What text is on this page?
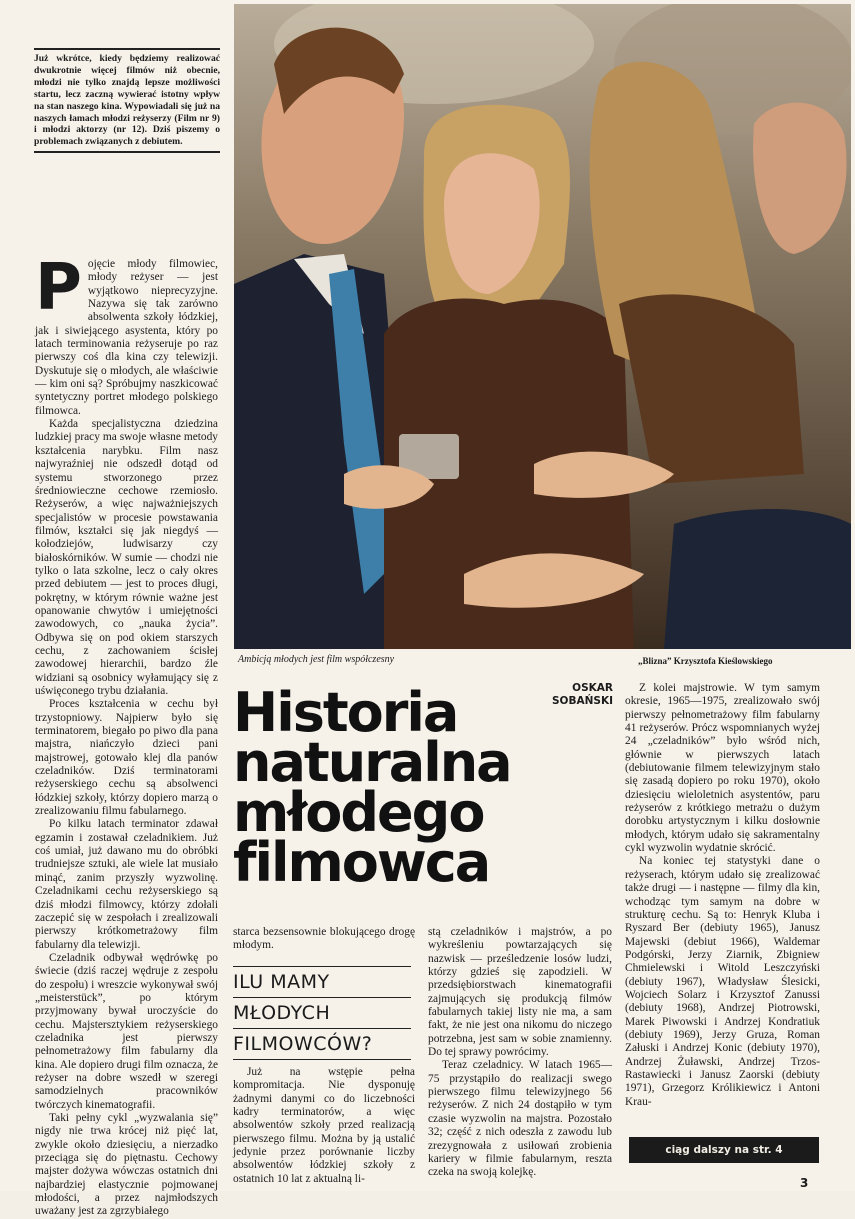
Już wkrótce, kiedy będziemy realizować dwukrotnie więcej filmów niż obecnie, młodzi nie tylko znajdą lepsze możliwości startu, lecz zaczną wywierać istotny wpływ na stan naszego kina. Wypowiadali się już na naszych łamach młodzi reżyserzy (Film nr 9) i młodzi aktorzy (nr 12). Dziś piszemy o problemach związanych z debiutem.
Ambicją młodych jest film współczesny	„Blizna” Krzysztofa Kieślowskiego

Pojęcie młody filmowiec, młody reżyser — jest wyjątkowo nieprecyzyjne. Nazywa się tak zarówno absolwenta szkoły łódzkiej, jak i siwiejącego asystenta, który po latach terminowania reżyseruje po raz pierwszy coś dla kina czy telewizji. Dyskutuje się o młodych, ale właściwie — kim oni są? Spróbujmy naszkicować syntetyczny portret młodego polskiego filmowca.

Każda specjalistyczna dziedzina ludzkiej pracy ma swoje własne metody kształcenia narybku. Film nasz najwyraźniej nie odszedł dotąd od systemu stworzonego przez średniowieczne cechowe rzemiosło. Reżyserów, a więc najważniejszych specjalistów w procesie powstawania filmów, kształci się jak niegdyś — kołodziejów, ludwisarzy czy białoskórników. W sumie — chodzi nie tylko o lata szkolne, lecz o cały okres przed debiutem — jest to proces długi, pokrętny, w którym równie ważne jest opanowanie chwytów i umiejętności zawodowych, co „nauka życia”. Odbywa się on pod okiem starszych cechu, z zachowaniem ścisłej zawodowej hierarchii, bardzo źle widziani są osobnicy wyłamujący się z uświęconego trybu działania.

Proces kształcenia w cechu był trzystopniowy. Najpierw było się terminatorem, biegało po piwo dla pana majstra, niańczyło dzieci pani majstrowej, gotowało klej dla panów czeladników. Dziś terminatorami reżyserskiego cechu są absolwenci łódzkiej szkoły, którzy dopiero marzą o zrealizowaniu filmu fabularnego.

Po kilku latach terminator zdawał egzamin i zostawał czeladnikiem. Już coś umiał, już dawano mu do obróbki trudniejsze sztuki, ale wiele lat musiało minąć, zanim przyszły wyzwolinę. Czeladnikami cechu reżyserskiego są dziś młodzi filmowcy, którzy zdołali zaczepić się w zespołach i zrealizowali pierwszy krótkometrażowy film fabularny dla telewizji.

Czeladnik odbywał wędrówkę po świecie (dziś raczej wędruje z zespołu do zespołu) i wreszcie wykonywał swój „meisterstück”, po którym przyjmowany bywał uroczyście do cechu. Majstersztykiem reżyserskiego czeladnika jest pierwszy pełnometrażowy film fabularny dla kina. Ale dopiero drugi film oznacza, że reżyser na dobre wszedł w szeregi samodzielnych pracowników twórczych kinematografii.

Taki pełny cykl „wyzwalania się” nigdy nie trwa krócej niż pięć lat, zwykle około dziesięciu, a nierzadko przeciąga się do piętnastu. Cechowy majster dożywa wówczas ostatnich dni najbardziej elastycznie pojmowanej młodości, a przez najmłodszych uważany jest za zgrzybiałego

Historia
naturalna
młodego
filmowca
OSKAR
SOBAŃSKI

starca bezsensownie blokującego drogę młodym.

ILU MAMY
MŁODYCH
FILMOWCÓW?

Już na wstępie pełna kompromitacja. Nie dysponuję żadnymi danymi co do liczebności kadry terminatorów, a więc absolwentów szkoły przed realizacją pierwszego filmu. Można by ją ustalić jedynie przez porównanie liczby absolwentów łódzkiej szkoły z ostatnich 10 lat z aktualną li-

stą czeladników i majstrów, a po wykreśleniu powtarzających się nazwisk — prześledzenie losów ludzi, którzy gdzieś się zapodzieli. W przedsiębiorstwach kinematografii zajmujących się produkcją filmów fabularnych takiej listy nie ma, a sam fakt, że nie jest ona nikomu do niczego potrzebna, jest sam w sobie znamienny. Do tej sprawy powrócimy.

Teraz czeladnicy. W latach 1965—75 przystąpiło do realizacji swego pierwszego filmu telewizyjnego 56 reżyserów. Z nich 24 dostąpiło w tym czasie wyzwolin na majstra. Pozostało 32; część z nich odeszła z zawodu lub zrezygnowała z usiłowań zrobienia kariery w filmie fabularnym, reszta czeka na swoją kolejkę.

Z kolei majstrowie. W tym samym okresie, 1965—1975, zrealizowało swój pierwszy pełnometrażowy film fabularny 41 reżyserów. Prócz wspomnianych wyżej 24 „czeladników” było wśród nich, głównie w pierwszych latach (debiutowanie filmem telewizyjnym stało się zasadą dopiero po roku 1970), około dziesięciu wieloletnich asystentów, paru reżyserów z krótkiego metrażu o dużym dorobku artystycznym i kilku dosłownie młodych, którym udało się sakramentalny cykl wyzwolin wydatnie skrócić.

Na koniec tej statystyki dane o reżyserach, którym udało się zrealizować także drugi — i następne — filmy dla kin, wchodząc tym samym na dobre w strukturę cechu. Są to: Henryk Kluba i Ryszard Ber (debiuty 1965), Janusz Majewski (debiut 1966), Waldemar Podgórski, Jerzy Ziarnik, Zbigniew Chmielewski i Witold Leszczyński (debiuty 1967), Władysław Ślesicki, Wojciech Solarz i Krzysztof Zanussi (debiuty 1968), Andrzej Piotrowski, Marek Piwowski i Andrzej Kondratiuk (debiuty 1969), Jerzy Gruza, Roman Załuski i Andrzej Konic (debiuty 1970), Andrzej Żuławski, Andrzej Trzos-Rastawiecki i Janusz Zaorski (debiuty 1971), Grzegorz Królikiewicz i Antoni Krau-

ciąg dalszy na str. 4
3
